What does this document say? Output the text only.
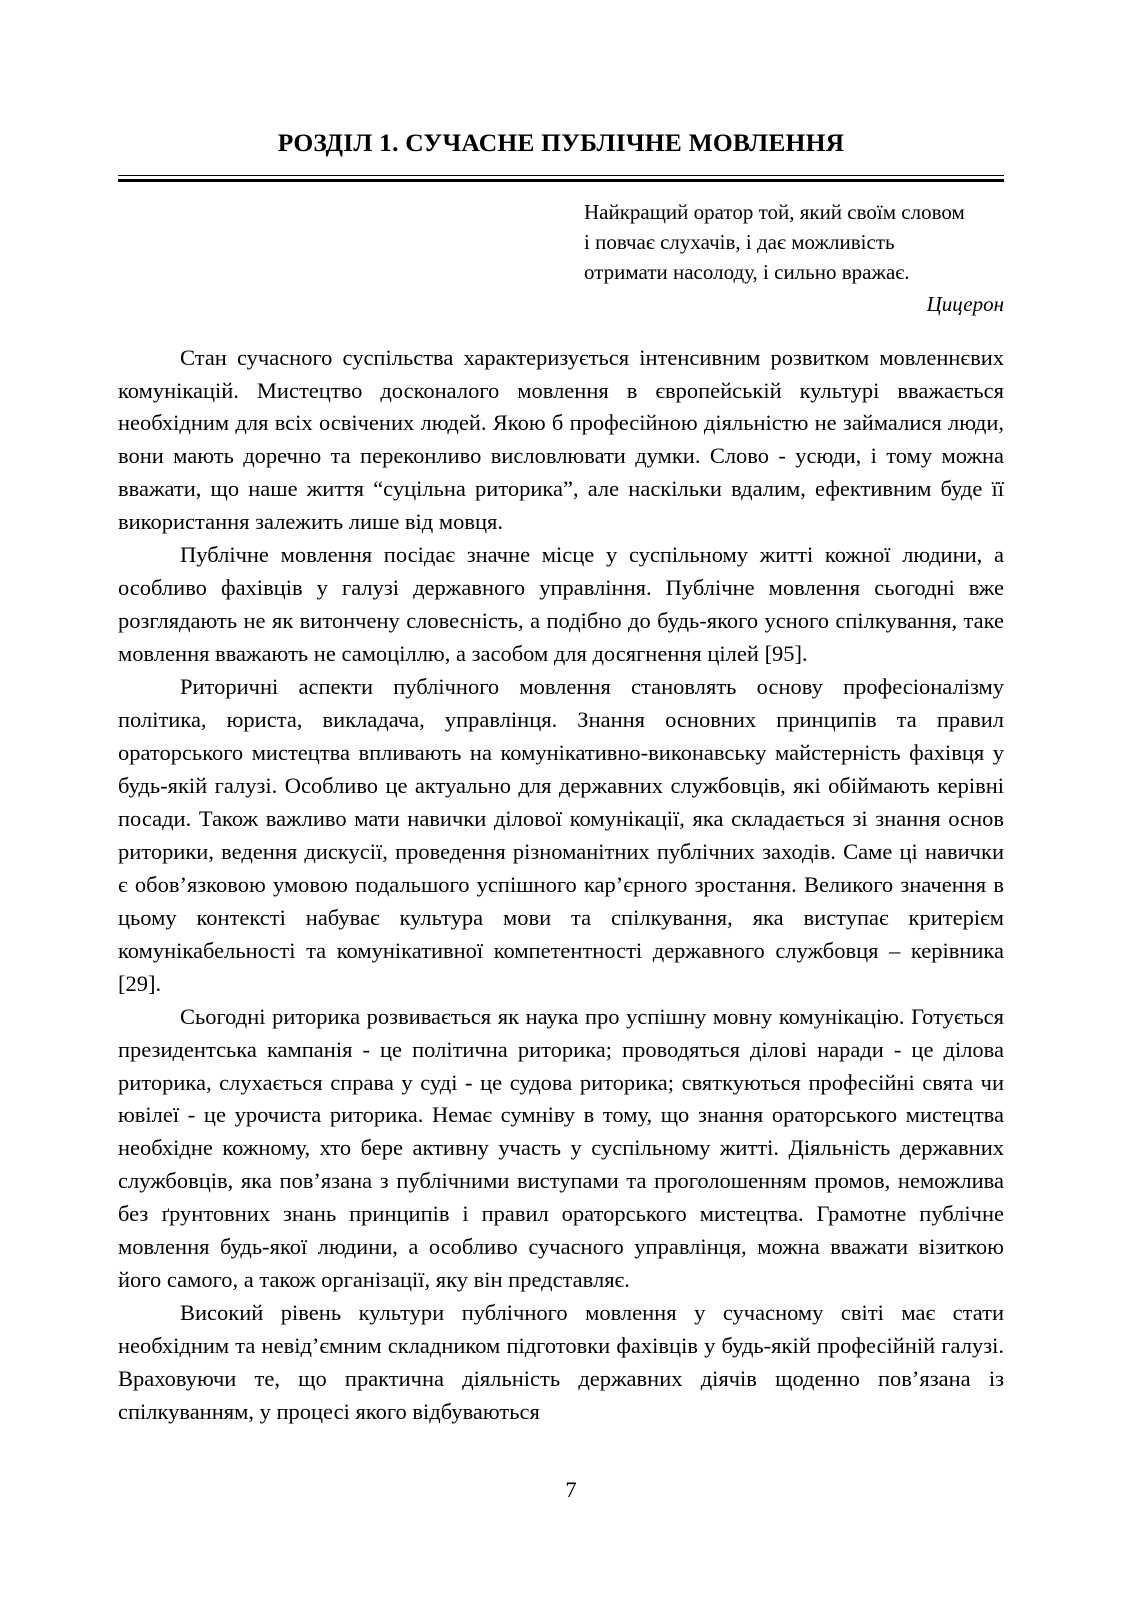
РОЗДІЛ 1. СУЧАСНЕ ПУБЛІЧНЕ МОВЛЕННЯ
Найкращий оратор той, який своїм словом
і повчає слухачів, і дає можливість
отримати насолоду, і сильно вражає.
Цицерон

Стан сучасного суспільства характеризується інтенсивним розвитком мовленнєвих комунікацій. Мистецтво досконалого мовлення в європейській культурі вважається необхідним для всіх освічених людей. Якою б професійною діяльністю не займалися люди, вони мають доречно та переконливо висловлювати думки. Слово - усюди, і тому можна вважати, що наше життя “суцільна риторика”, але наскільки вдалим, ефективним буде її використання залежить лише від мовця.

Публічне мовлення посідає значне місце у суспільному житті кожної людини, а особливо фахівців у галузі державного управління. Публічне мовлення сьогодні вже розглядають не як витончену словесність, а подібно до будь-якого усного спілкування, таке мовлення вважають не самоціллю, а засобом для досягнення цілей [95].

Риторичні аспекти публічного мовлення становлять основу професіоналізму політика, юриста, викладача, управлінця. Знання основних принципів та правил ораторського мистецтва впливають на комунікативно-виконавську майстерність фахівця у будь-якій галузі. Особливо це актуально для державних службовців, які обіймають керівні посади. Також важливо мати навички ділової комунікації, яка складається зі знання основ риторики, ведення дискусії, проведення різноманітних публічних заходів. Саме ці навички є обов’язковою умовою подальшого успішного кар’єрного зростання. Великого значення в цьому контексті набуває культура мови та спілкування, яка виступає критерієм комунікабельності та комунікативної компетентності державного службовця – керівника [29].

Сьогодні риторика розвивається як наука про успішну мовну комунікацію. Готується президентська кампанія - це політична риторика; проводяться ділові наради - це ділова риторика, слухається справа у суді - це судова риторика; святкуються професійні свята чи ювілеї - це урочиста риторика. Немає сумніву в тому, що знання ораторського мистецтва необхідне кожному, хто бере активну участь у суспільному житті. Діяльність державних службовців, яка пов’язана з публічними виступами та проголошенням промов, неможлива без ґрунтовних знань принципів і правил ораторського мистецтва. Грамотне публічне мовлення будь-якої людини, а особливо сучасного управлінця, можна вважати візиткою його самого, а також організації, яку він представляє.

Високий рівень культури публічного мовлення у сучасному світі має стати необхідним та невід’ємним складником підготовки фахівців у будь-якій професійній галузі. Враховуючи те, що практична діяльність державних діячів щоденно пов’язана із спілкуванням, у процесі якого відбуваються

7
